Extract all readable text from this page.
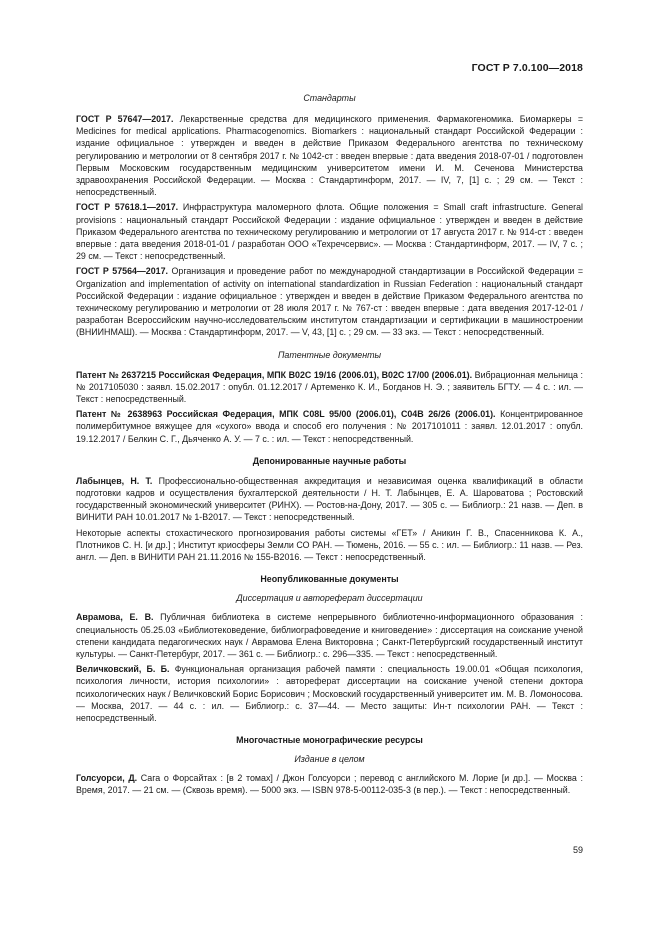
ГОСТ Р 7.0.100—2018
Стандарты

ГОСТ Р 57647—2017. Лекарственные средства для медицинского применения. Фармакогеномика. Биомаркеры = Medicines for medical applications. Pharmacogenomics. Biomarkers : национальный стандарт Российской Федерации : издание официальное : утвержден и введен в действие Приказом Федерального агентства по техническому регулированию и метрологии от 8 сентября 2017 г. № 1042-ст : введен впервые : дата введения 2018-07-01 / подготовлен Первым Московским государственным медицинским университетом имени И. М. Сеченова Министерства здравоохранения Российской Федерации. — Москва : Стандартинформ, 2017. — IV, 7, [1] с. ; 29 см. — Текст : непосредственный.

ГОСТ Р 57618.1—2017. Инфраструктура маломерного флота. Общие положения = Small craft infrastructure. General provisions : национальный стандарт Российской Федерации : издание официальное : утвержден и введен в действие Приказом Федерального агентства по техническому регулированию и метрологии от 17 августа 2017 г. № 914-ст : введен впервые : дата введения 2018-01-01 / разработан ООО «Техречсервис». — Москва : Стандартинформ, 2017. — IV, 7 с. ; 29 см. — Текст : непосредственный.

ГОСТ Р 57564—2017. Организация и проведение работ по международной стандартизации в Российской Федерации = Organization and implementation of activity on international standardization in Russian Federation : национальный стандарт Российской Федерации : издание официальное : утвержден и введен в действие Приказом Федерального агентства по техническому регулированию и метрологии от 28 июля 2017 г. № 767-ст : введен впервые : дата введения 2017-12-01 / разработан Всероссийским научно-исследовательским институтом стандартизации и сертификации в машиностроении (ВНИИНМАШ). — Москва : Стандартинформ, 2017. — V, 43, [1] с. ; 29 см. — 33 экз. — Текст : непосредственный.

Патентные документы

Патент № 2637215 Российская Федерация, МПК B02C 19/16 (2006.01), B02C 17/00 (2006.01). Вибрационная мельница : № 2017105030 : заявл. 15.02.2017 : опубл. 01.12.2017 / Артеменко К. И., Богданов Н. Э. ; заявитель БГТУ. — 4 с. : ил. — Текст : непосредственный.

Патент № 2638963 Российская Федерация, МПК C08L 95/00 (2006.01), C04B 26/26 (2006.01). Концентрированное полимербитумное вяжущее для «сухого» ввода и способ его получения : № 2017101011 : заявл. 12.01.2017 : опубл. 19.12.2017 / Белкин С. Г., Дьяченко А. У. — 7 с. : ил. — Текст : непосредственный.

Депонированные научные работы

Лабынцев, Н. Т. Профессионально-общественная аккредитация и независимая оценка квалификаций в области подготовки кадров и осуществления бухгалтерской деятельности / Н. Т. Лабынцев, Е. А. Шароватова ; Ростовский государственный экономический университет (РИНХ). — Ростов-на-Дону, 2017. — 305 с. — Библиогр.: 21 назв. — Деп. в ВИНИТИ РАН 10.01.2017 № 1-В2017. — Текст : непосредственный.

Некоторые аспекты стохастического прогнозирования работы системы «ГЕТ» / Аникин Г. В., Спасенникова К. А., Плотников С. Н. [и др.] ; Институт криосферы Земли СО РАН. — Тюмень, 2016. — 55 с. : ил. — Библиогр.: 11 назв. — Рез. англ. — Деп. в ВИНИТИ РАН 21.11.2016 № 155-В2016. — Текст : непосредственный.

Неопубликованные документы
Диссертация и автореферат диссертации

Аврамова, Е. В. Публичная библиотека в системе непрерывного библиотечно-информационного образования : специальность 05.25.03 «Библиотековедение, библиографоведение и книговедение» : диссертация на соискание ученой степени кандидата педагогических наук / Аврамова Елена Викторовна ; Санкт-Петербургский государственный институт культуры. — Санкт-Петербург, 2017. — 361 с. — Библиогр.: с. 296—335. — Текст : непосредственный.

Величковский, Б. Б. Функциональная организация рабочей памяти : специальность 19.00.01 «Общая психология, психология личности, история психологии» : автореферат диссертации на соискание ученой степени доктора психологических наук / Величковский Борис Борисович ; Московский государственный университет им. М. В. Ломоносова. — Москва, 2017. — 44 с. : ил. — Библиогр.: с. 37—44. — Место защиты: Ин-т психологии РАН. — Текст : непосредственный.

Многочастные монографические ресурсы
Издание в целом

Голсуорси, Д. Сага о Форсайтах : [в 2 томах] / Джон Голсуорси ; перевод с английского М. Лорие [и др.]. — Москва : Время, 2017. — 21 см. — (Сквозь время). — 5000 экз. — ISBN 978-5-00112-035-3 (в пер.). — Текст : непосредственный.

59
